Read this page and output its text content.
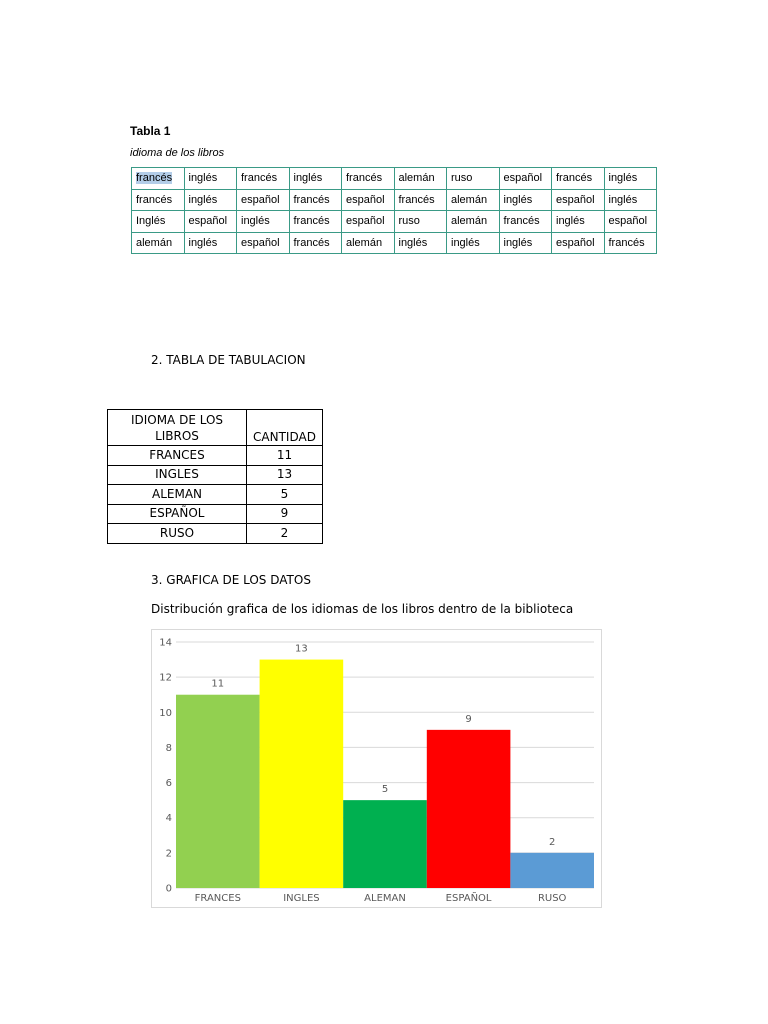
Tabla 1
idioma de los libros
francés	inglés	francés	inglés	francés	alemán	ruso	español	francés	inglés
francés	inglés	español	francés	español	francés	alemán	inglés	español	inglés
Inglés	español	inglés	francés	español	ruso	alemán	francés	inglés	español
alemán	inglés	español	francés	alemán	inglés	inglés	inglés	español	francés
2. TABLA DE TABULACION
IDIOMA DE LOS
LIBROS	CANTIDAD
FRANCES	11
INGLES	13
ALEMAN	5
ESPAÑOL	9
RUSO	2
3. GRAFICA DE LOS DATOS
Distribución grafica de los idiomas de los libros dentro de la biblioteca
0
2
4
6
8
10
12
14
11
FRANCES
13
INGLES
5
ALEMAN
9
ESPAÑOL
2
RUSO
